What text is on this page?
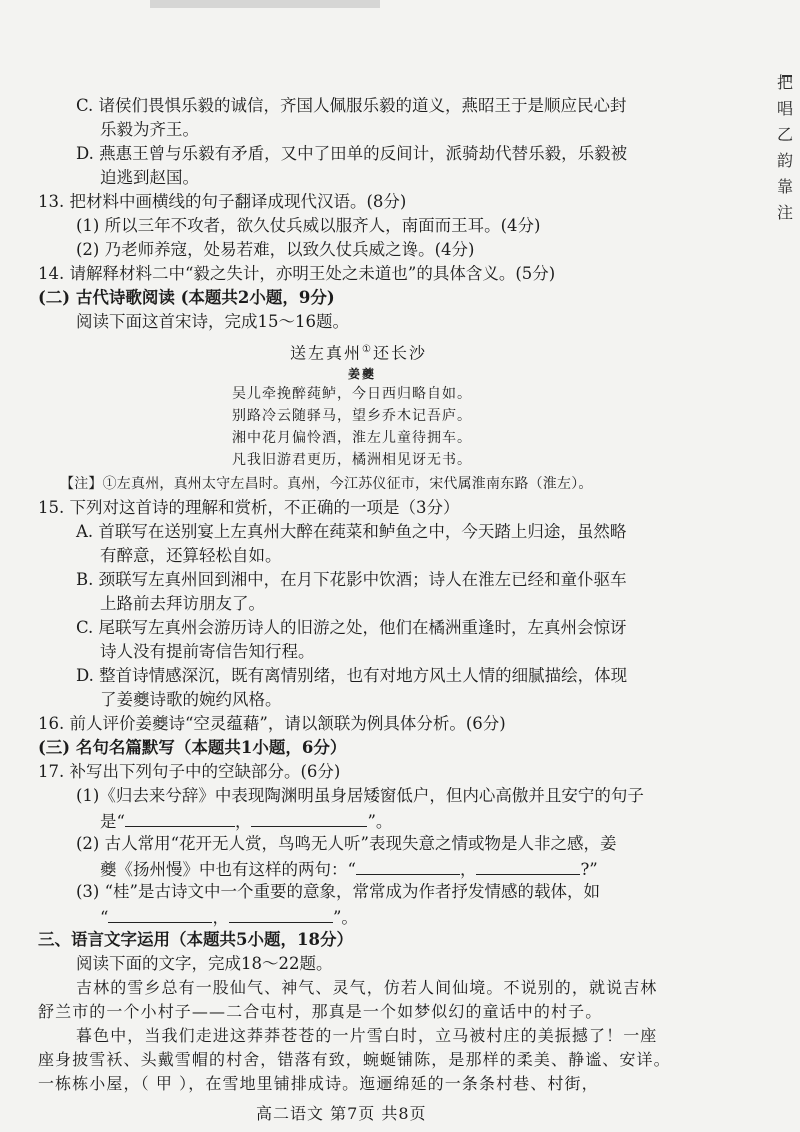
C. 诸侯们畏惧乐毅的诚信，齐国人佩服乐毅的道义，燕昭王于是顺应民心封
乐毅为齐王。
D. 燕惠王曾与乐毅有矛盾，又中了田单的反间计，派骑劫代替乐毅，乐毅被
迫逃到赵国。
13. 把材料中画横线的句子翻译成现代汉语。(8分)
(1) 所以三年不攻者，欲久仗兵威以服齐人，南面而王耳。(4分)
(2) 乃老师养寇，处易若难，以致久仗兵威之谗。(4分)
14. 请解释材料二中“毅之失计，亦明王处之未道也”的具体含义。(5分)
(二) 古代诗歌阅读 (本题共2小题，9分)
阅读下面这首宋诗，完成15～16题。
送左真州①还长沙
姜夔
吴儿牵挽醉莼鲈，今日西归略自如。
别路冷云随驿马，望乡乔木记吾庐。
湘中花月偏怜酒，淮左儿童待拥车。
凡我旧游君更历，橘洲相见讶无书。
【注】①左真州，真州太守左昌时。真州，今江苏仪征市，宋代属淮南东路（淮左）。
15. 下列对这首诗的理解和赏析，不正确的一项是（3分）
A. 首联写在送别宴上左真州大醉在莼菜和鲈鱼之中，今天踏上归途，虽然略
有醉意，还算轻松自如。
B. 颈联写左真州回到湘中，在月下花影中饮酒；诗人在淮左已经和童仆驱车
上路前去拜访朋友了。
C. 尾联写左真州会游历诗人的旧游之处，他们在橘洲重逢时，左真州会惊讶
诗人没有提前寄信告知行程。
D. 整首诗情感深沉，既有离情别绪，也有对地方风土人情的细腻描绘，体现
了姜夔诗歌的婉约风格。
16. 前人评价姜夔诗“空灵蕴藉”，请以颔联为例具体分析。(6分)
(三) 名句名篇默写（本题共1小题，6分）
17. 补写出下列句子中的空缺部分。(6分)
(1)《归去来兮辞》中表现陶渊明虽身居矮窗低户，但内心高傲并且安宁的句子
是“	，	”。
(2) 古人常用“花开无人赏，鸟鸣无人听”表现失意之情或物是人非之感，姜
夔《扬州慢》中也有这样的两句：“	，	?”
(3) “桂”是古诗文中一个重要的意象，常常成为作者抒发情感的载体，如
“	，	”。
三、语言文字运用（本题共5小题，18分）
阅读下面的文字，完成18～22题。
吉林的雪乡总有一股仙气、神气、灵气，仿若人间仙境。不说别的，就说吉林
舒兰市的一个小村子——二合屯村，那真是一个如梦似幻的童话中的村子。
暮色中，当我们走进这莽莽苍苍的一片雪白时，立马被村庄的美振撼了！一座
座身披雪袄、头戴雪帽的村舍，错落有致，蜿蜒铺陈，是那样的柔美、静谧、安详。
一栋栋小屋，（ 甲 ），在雪地里铺排成诗。迤逦绵延的一条条村巷、村街，
高二语文 第7页 共8页
把
唱
乙
韵
靠
注
